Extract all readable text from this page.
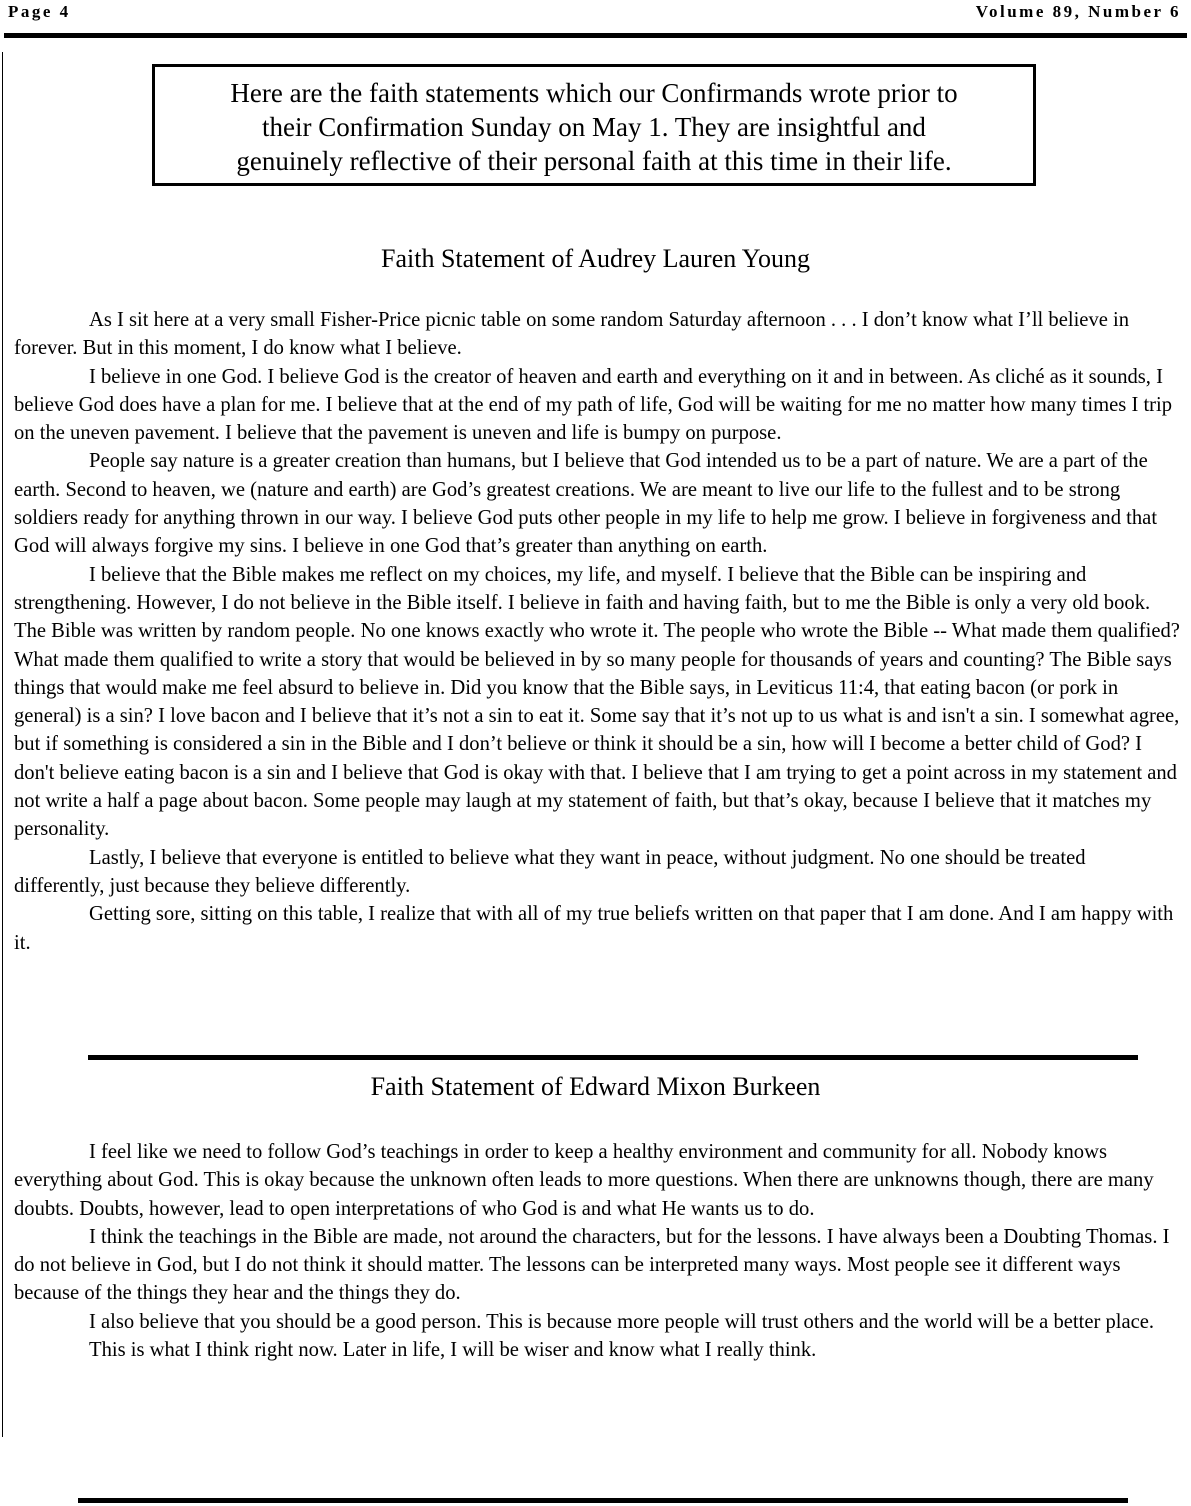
Page 4	Volume 89, Number 6
Here are the faith statements which our Confirmands wrote prior to
their Confirmation Sunday on May 1. They are insightful and
genuinely reflective of their personal faith at this time in their life.
Faith Statement of Audrey Lauren Young

As I sit here at a very small Fisher-Price picnic table on some random Saturday afternoon . . . I don’t know what I’ll believe in forever. But in this moment, I do know what I believe.

I believe in one God. I believe God is the creator of heaven and earth and everything on it and in between. As cliché as it sounds, I believe God does have a plan for me. I believe that at the end of my path of life, God will be waiting for me no matter how many times I trip on the uneven pavement. I believe that the pavement is uneven and life is bumpy on purpose.

People say nature is a greater creation than humans, but I believe that God intended us to be a part of nature. We are a part of the earth. Second to heaven, we (nature and earth) are God’s greatest creations. We are meant to live our life to the fullest and to be strong soldiers ready for anything thrown in our way. I believe God puts other people in my life to help me grow. I believe in forgiveness and that God will always forgive my sins. I believe in one God that’s greater than anything on earth.

I believe that the Bible makes me reflect on my choices, my life, and myself. I believe that the Bible can be inspiring and strengthening. However, I do not believe in the Bible itself. I believe in faith and having faith, but to me the Bible is only a very old book. The Bible was written by random people. No one knows exactly who wrote it. The people who wrote the Bible -- What made them qualified? What made them qualified to write a story that would be believed in by so many people for thousands of years and counting? The Bible says things that would make me feel absurd to believe in. Did you know that the Bible says, in Leviticus 11:4, that eating bacon (or pork in general) is a sin? I love bacon and I believe that it’s not a sin to eat it. Some say that it’s not up to us what is and isn't a sin. I somewhat agree, but if something is considered a sin in the Bible and I don’t believe or think it should be a sin, how will I become a better child of God? I don't believe eating bacon is a sin and I believe that God is okay with that. I believe that I am trying to get a point across in my statement and not write a half a page about bacon. Some people may laugh at my statement of faith, but that’s okay, because I believe that it matches my personality.

Lastly, I believe that everyone is entitled to believe what they want in peace, without judgment. No one should be treated differently, just because they believe differently.

Getting sore, sitting on this table, I realize that with all of my true beliefs written on that paper that I am done. And I am happy with it.

Faith Statement of Edward Mixon Burkeen

I feel like we need to follow God’s teachings in order to keep a healthy environment and community for all. Nobody knows everything about God. This is okay because the unknown often leads to more questions. When there are unknowns though, there are many doubts. Doubts, however, lead to open interpretations of who God is and what He wants us to do.

I think the teachings in the Bible are made, not around the characters, but for the lessons. I have always been a Doubting Thomas. I do not believe in God, but I do not think it should matter. The lessons can be interpreted many ways. Most people see it different ways because of the things they hear and the things they do.

I also believe that you should be a good person. This is because more people will trust others and the world will be a better place.

This is what I think right now. Later in life, I will be wiser and know what I really think.
